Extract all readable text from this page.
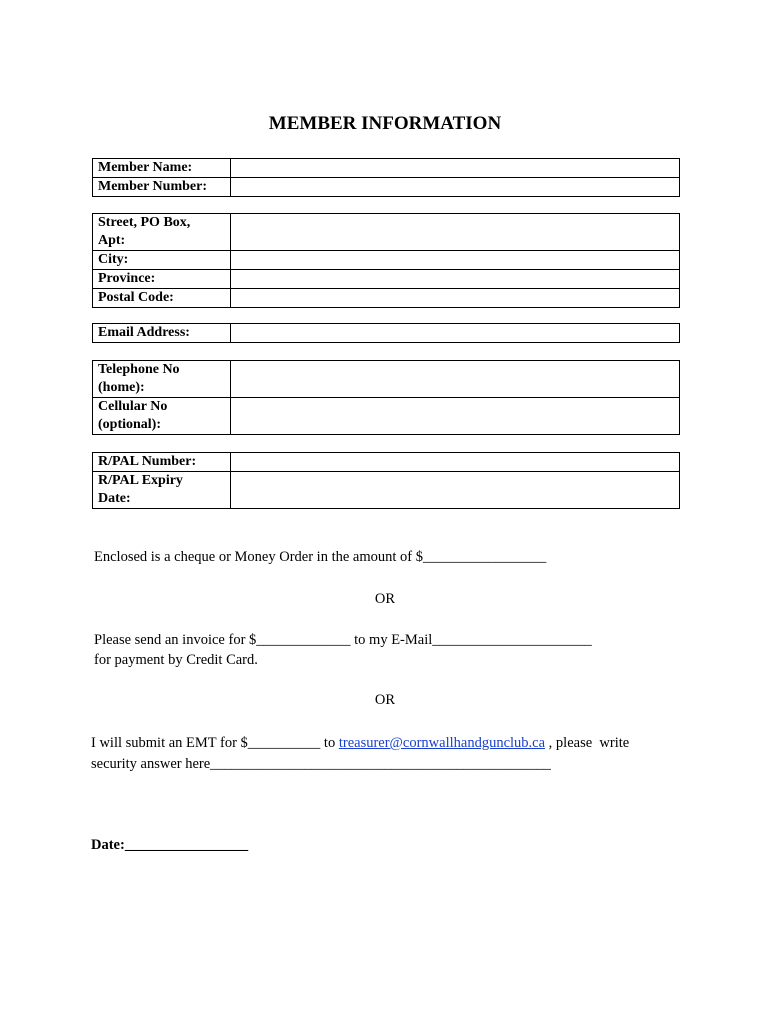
MEMBER INFORMATION
Member Name:	
Member Number:	
Street, PO Box,
Apt:	

City:	
Province:	
Postal Code:	
Email Address:	
Telephone No
(home):	

Cellular No
(optional):	

R/PAL Number:	

R/PAL Expiry
Date:	

Enclosed is a cheque or Money Order in the amount of $_________________
OR
Please send an invoice for $_____________ to my E-Mail______________________
for payment by Credit Card.
OR
I will submit an EMT for $__________ to treasurer@cornwallhandgunclub.ca , please  write
security answer here_______________________________________________
Date:_________________
